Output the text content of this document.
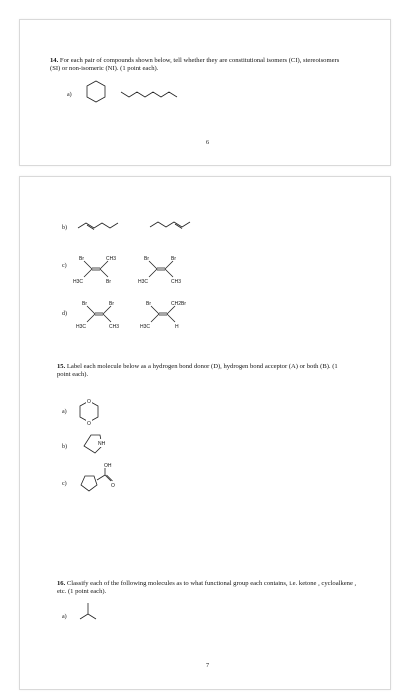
14. For each pair of compounds shown below, tell whether they are constitutional isomers (CI), stereoisomers (SI) or non-isomeric (NI). (1 point each).
a)
6
b)
c)
Br	CH3
H3C	Br
Br	Br
H3C	CH3
d)
Br	Br
H3C	CH3
Br	CH2Br
H3C	H
15. Label each molecule below as a hydrogen bond donor (D), hydrogen bond acceptor (A) or both (B). (1 point each).
a)
O
O
b)	NH
c)
OH
O
16. Classify each of the following molecules as to what functional group each contains, i.e. ketone , cycloalkene , etc. (1 point each).
a)
7
